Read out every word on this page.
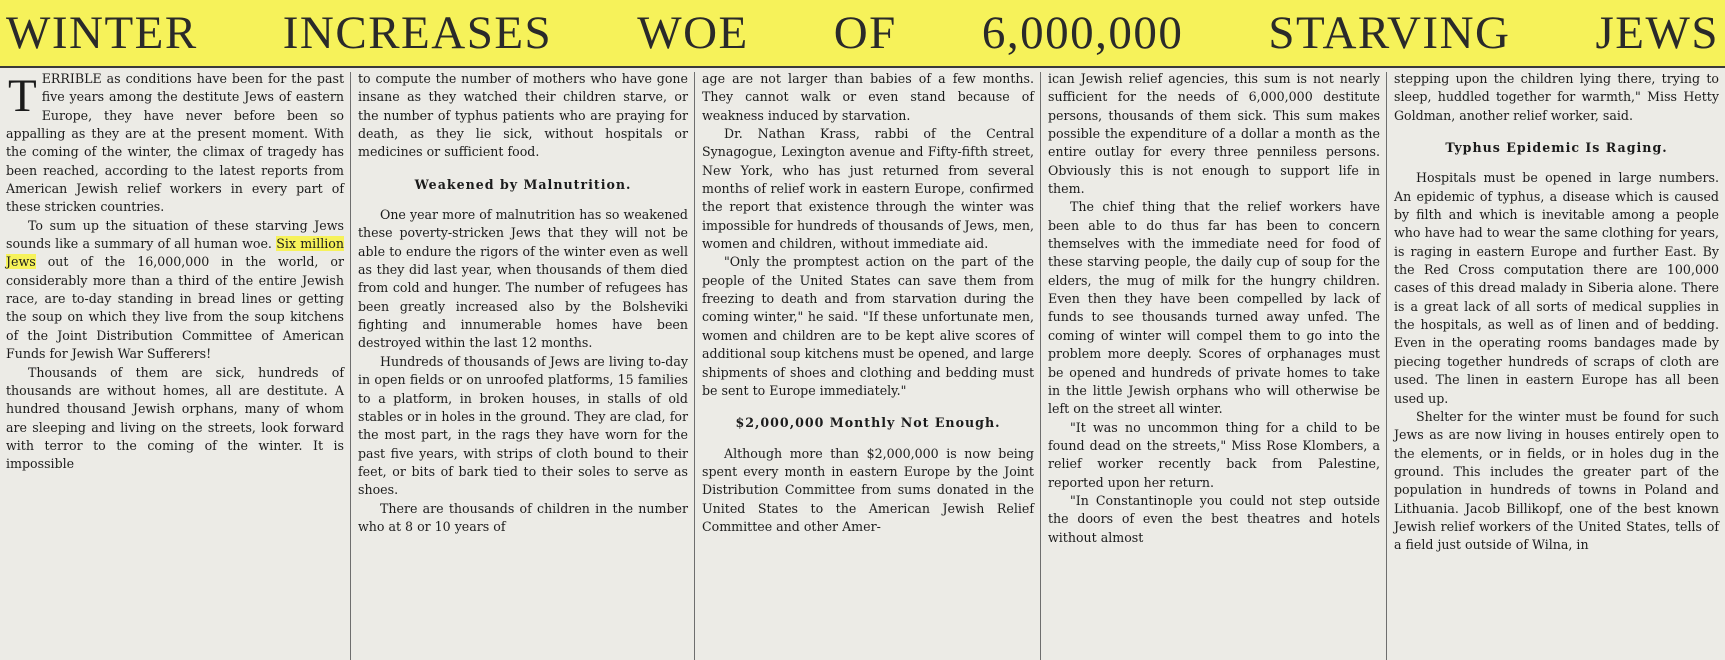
WINTER INCREASES WOE OF 6,000,000 STARVING JEWS

TERRIBLE as conditions have been for the past five years among the destitute Jews of eastern Europe, they have never before been so appalling as they are at the present moment. With the coming of the winter, the climax of tragedy has been reached, according to the latest reports from American Jewish relief workers in every part of these stricken countries.

To sum up the situation of these starving Jews sounds like a summary of all human woe. Six million Jews out of the 16,000,000 in the world, or considerably more than a third of the entire Jewish race, are to-day standing in bread lines or getting the soup on which they live from the soup kitchens of the Joint Distribution Committee of American Funds for Jewish War Sufferers!

Thousands of them are sick, hundreds of thousands are without homes, all are destitute. A hundred thousand Jewish orphans, many of whom are sleeping and living on the streets, look forward with terror to the coming of the winter. It is impossible

to compute the number of mothers who have gone insane as they watched their children starve, or the number of typhus patients who are praying for death, as they lie sick, without hospitals or medicines or sufficient food.

Weakened by Malnutrition.

One year more of malnutrition has so weakened these poverty-stricken Jews that they will not be able to endure the rigors of the winter even as well as they did last year, when thousands of them died from cold and hunger. The number of refugees has been greatly increased also by the Bolsheviki fighting and innumerable homes have been destroyed within the last 12 months.

Hundreds of thousands of Jews are living to-day in open fields or on unroofed platforms, 15 families to a platform, in broken houses, in stalls of old stables or in holes in the ground. They are clad, for the most part, in the rags they have worn for the past five years, with strips of cloth bound to their feet, or bits of bark tied to their soles to serve as shoes.

There are thousands of children in the number who at 8 or 10 years of

age are not larger than babies of a few months. They cannot walk or even stand because of weakness induced by starvation.

Dr. Nathan Krass, rabbi of the Central Synagogue, Lexington avenue and Fifty-fifth street, New York, who has just returned from several months of relief work in eastern Europe, confirmed the report that existence through the winter was impossible for hundreds of thousands of Jews, men, women and children, without immediate aid.

"Only the promptest action on the part of the people of the United States can save them from freezing to death and from starvation during the coming winter," he said. "If these unfortunate men, women and children are to be kept alive scores of additional soup kitchens must be opened, and large shipments of shoes and clothing and bedding must be sent to Europe immediately."

$2,000,000 Monthly Not Enough.

Although more than $2,000,000 is now being spent every month in eastern Europe by the Joint Distribution Committee from sums donated in the United States to the American Jewish Relief Committee and other Amer-

ican Jewish relief agencies, this sum is not nearly sufficient for the needs of 6,000,000 destitute persons, thousands of them sick. This sum makes possible the expenditure of a dollar a month as the entire outlay for every three penniless persons. Obviously this is not enough to support life in them.

The chief thing that the relief workers have been able to do thus far has been to concern themselves with the immediate need for food of these starving people, the daily cup of soup for the elders, the mug of milk for the hungry children. Even then they have been compelled by lack of funds to see thousands turned away unfed. The coming of winter will compel them to go into the problem more deeply. Scores of orphanages must be opened and hundreds of private homes to take in the little Jewish orphans who will otherwise be left on the street all winter.

"It was no uncommon thing for a child to be found dead on the streets," Miss Rose Klombers, a relief worker recently back from Palestine, reported upon her return.

"In Constantinople you could not step outside the doors of even the best theatres and hotels without almost

stepping upon the children lying there, trying to sleep, huddled together for warmth," Miss Hetty Goldman, another relief worker, said.

Typhus Epidemic Is Raging.

Hospitals must be opened in large numbers. An epidemic of typhus, a disease which is caused by filth and which is inevitable among a people who have had to wear the same clothing for years, is raging in eastern Europe and further East. By the Red Cross computation there are 100,000 cases of this dread malady in Siberia alone. There is a great lack of all sorts of medical supplies in the hospitals, as well as of linen and of bedding. Even in the operating rooms bandages made by piecing together hundreds of scraps of cloth are used. The linen in eastern Europe has all been used up.

Shelter for the winter must be found for such Jews as are now living in houses entirely open to the elements, or in fields, or in holes dug in the ground. This includes the greater part of the population in hundreds of towns in Poland and Lithuania. Jacob Billikopf, one of the best known Jewish relief workers of the United States, tells of a field just outside of Wilna, in
